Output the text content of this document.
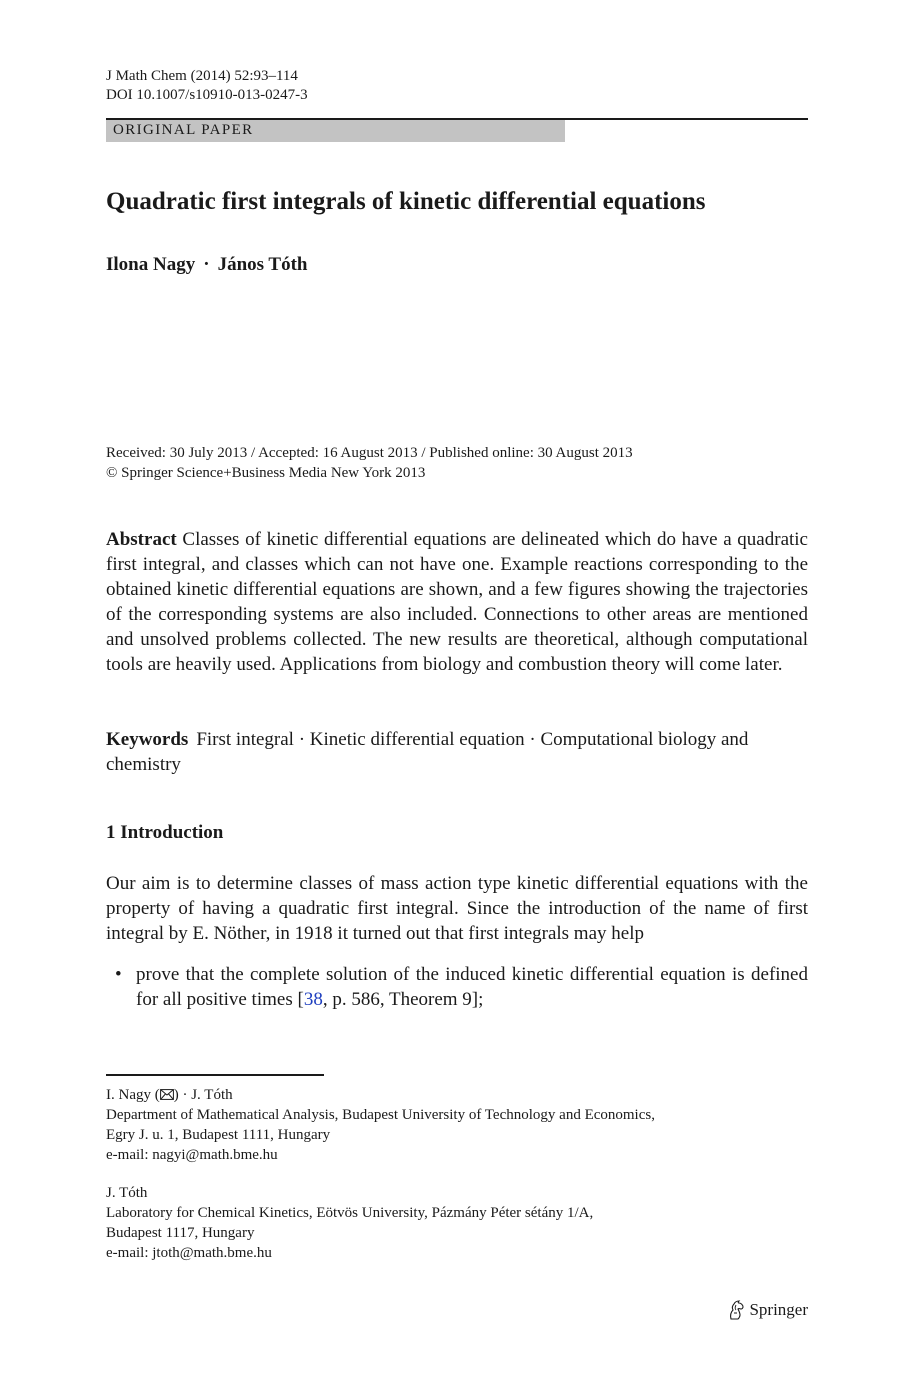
J Math Chem (2014) 52:93–114
DOI 10.1007/s10910-013-0247-3
ORIGINAL PAPER
Quadratic first integrals of kinetic differential equations
Ilona Nagy · János Tóth
Received: 30 July 2013 / Accepted: 16 August 2013 / Published online: 30 August 2013
© Springer Science+Business Media New York 2013
Abstract Classes of kinetic differential equations are delineated which do have a quadratic first integral, and classes which can not have one. Example reactions corresponding to the obtained kinetic differential equations are shown, and a few figures showing the trajectories of the corresponding systems are also included. Connections to other areas are mentioned and unsolved problems collected. The new results are theoretical, although computational tools are heavily used. Applications from biology and combustion theory will come later.
Keywords First integral · Kinetic differential equation · Computational biology and chemistry
1 Introduction
Our aim is to determine classes of mass action type kinetic differential equations with the property of having a quadratic first integral. Since the introduction of the name of first integral by E. Nöther, in 1918 it turned out that first integrals may help
• prove that the complete solution of the induced kinetic differential equation is defined for all positive times [38, p. 586, Theorem 9];
I. Nagy ( ) · J. Tóth
Department of Mathematical Analysis, Budapest University of Technology and Economics,
Egry J. u. 1, Budapest 1111, Hungary
e-mail: nagyi@math.bme.hu
J. Tóth
Laboratory for Chemical Kinetics, Eötvös University, Pázmány Péter sétány 1/A,
Budapest 1117, Hungary
e-mail: jtoth@math.bme.hu
Springer
